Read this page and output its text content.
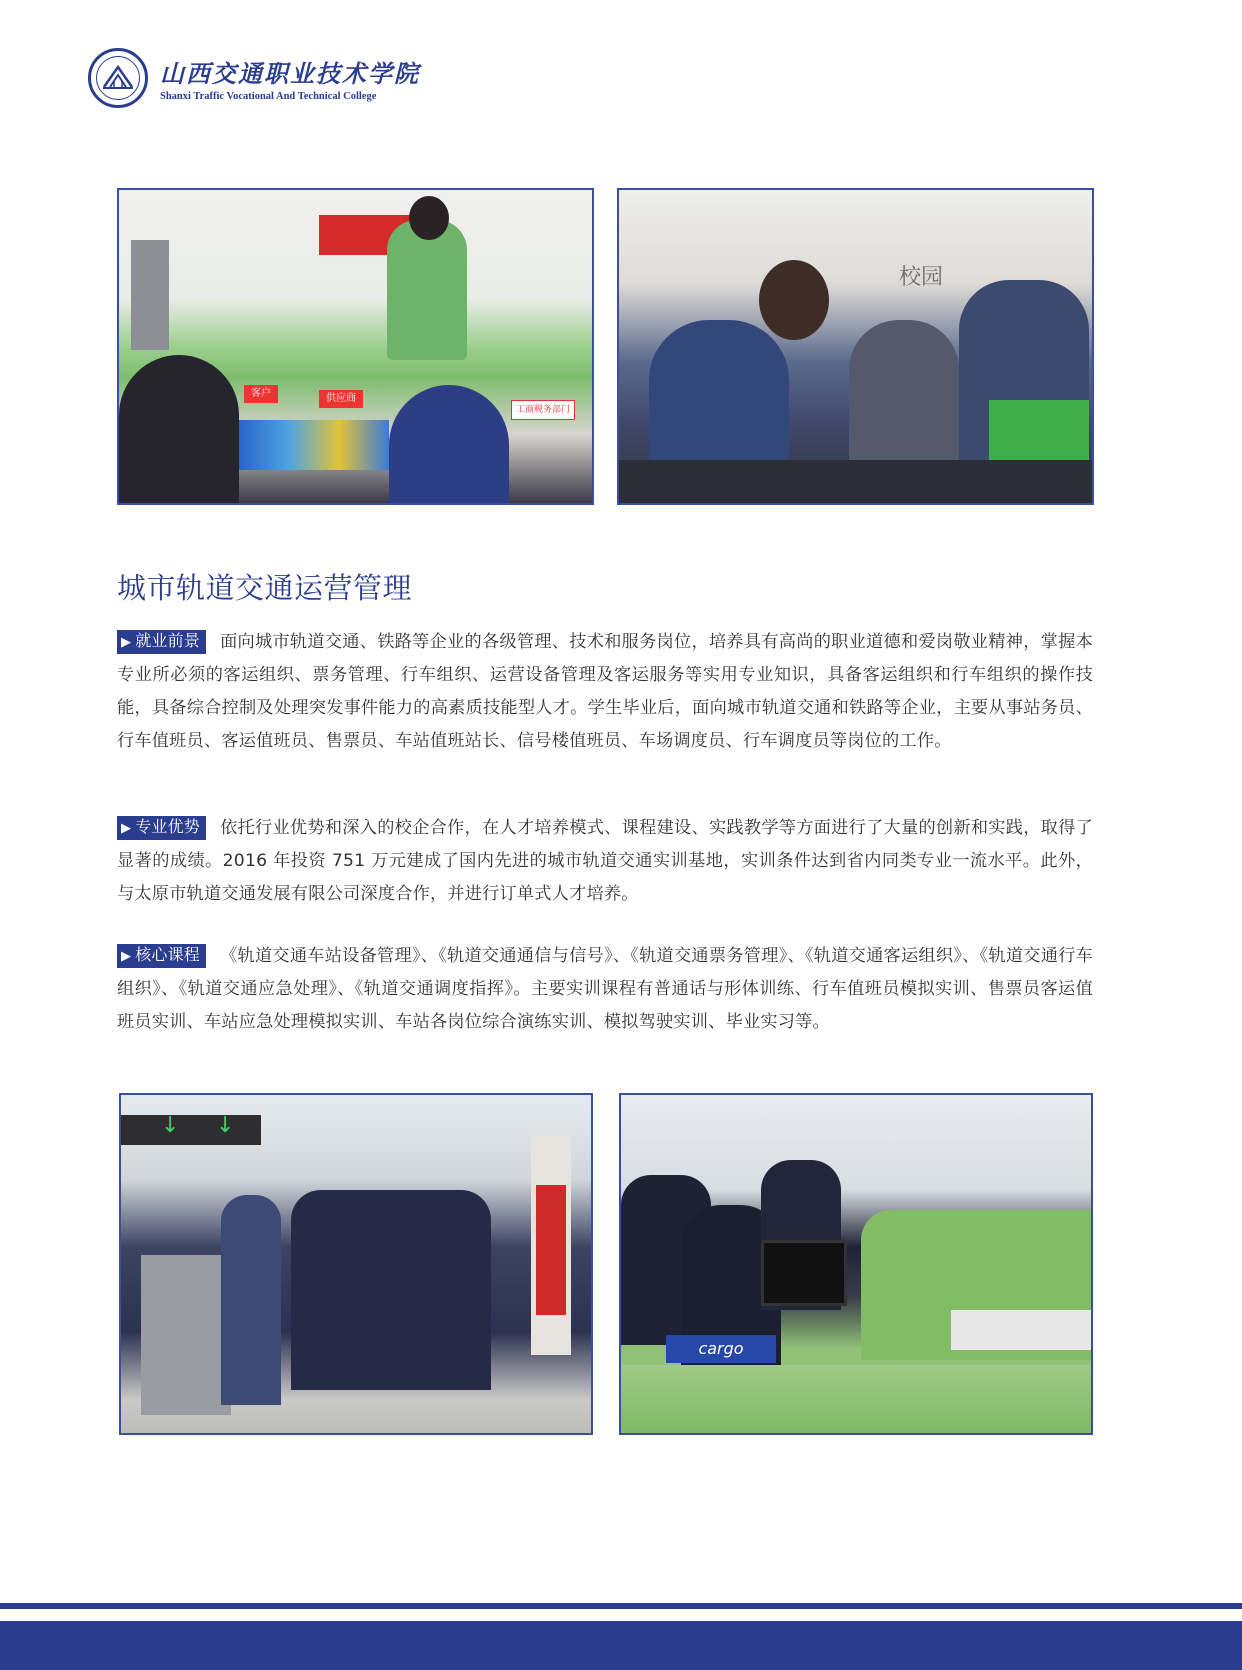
山西交通职业技术学院
Shanxi Traffic Vocational And Technical College
客户	供应商
工商税务部门
校园
城市轨道交通运营管理
▶ 就业前景 面向城市轨道交通、铁路等企业的各级管理、技术和服务岗位，培养具有高尚的职业道德和爱岗敬业精神，掌握本专业所必须的客运组织、票务管理、行车组织、运营设备管理及客运服务等实用专业知识，具备客运组织和行车组织的操作技能，具备综合控制及处理突发事件能力的高素质技能型人才。学生毕业后，面向城市轨道交通和铁路等企业，主要从事站务员、行车值班员、客运值班员、售票员、车站值班站长、信号楼值班员、车场调度员、行车调度员等岗位的工作。
▶ 专业优势 依托行业优势和深入的校企合作，在人才培养模式、课程建设、实践教学等方面进行了大量的创新和实践，取得了显著的成绩。2016 年投资 751 万元建成了国内先进的城市轨道交通实训基地，实训条件达到省内同类专业一流水平。此外，与太原市轨道交通发展有限公司深度合作，并进行订单式人才培养。
▶ 核心课程 《轨道交通车站设备管理》、《轨道交通通信与信号》、《轨道交通票务管理》、《轨道交通客运组织》、《轨道交通行车组织》、《轨道交通应急处理》、《轨道交通调度指挥》。主要实训课程有普通话与形体训练、行车值班员模拟实训、售票员客运值班员实训、车站应急处理模拟实训、车站各岗位综合演练实训、模拟驾驶实训、毕业实习等。
↓ ↓
cargo
